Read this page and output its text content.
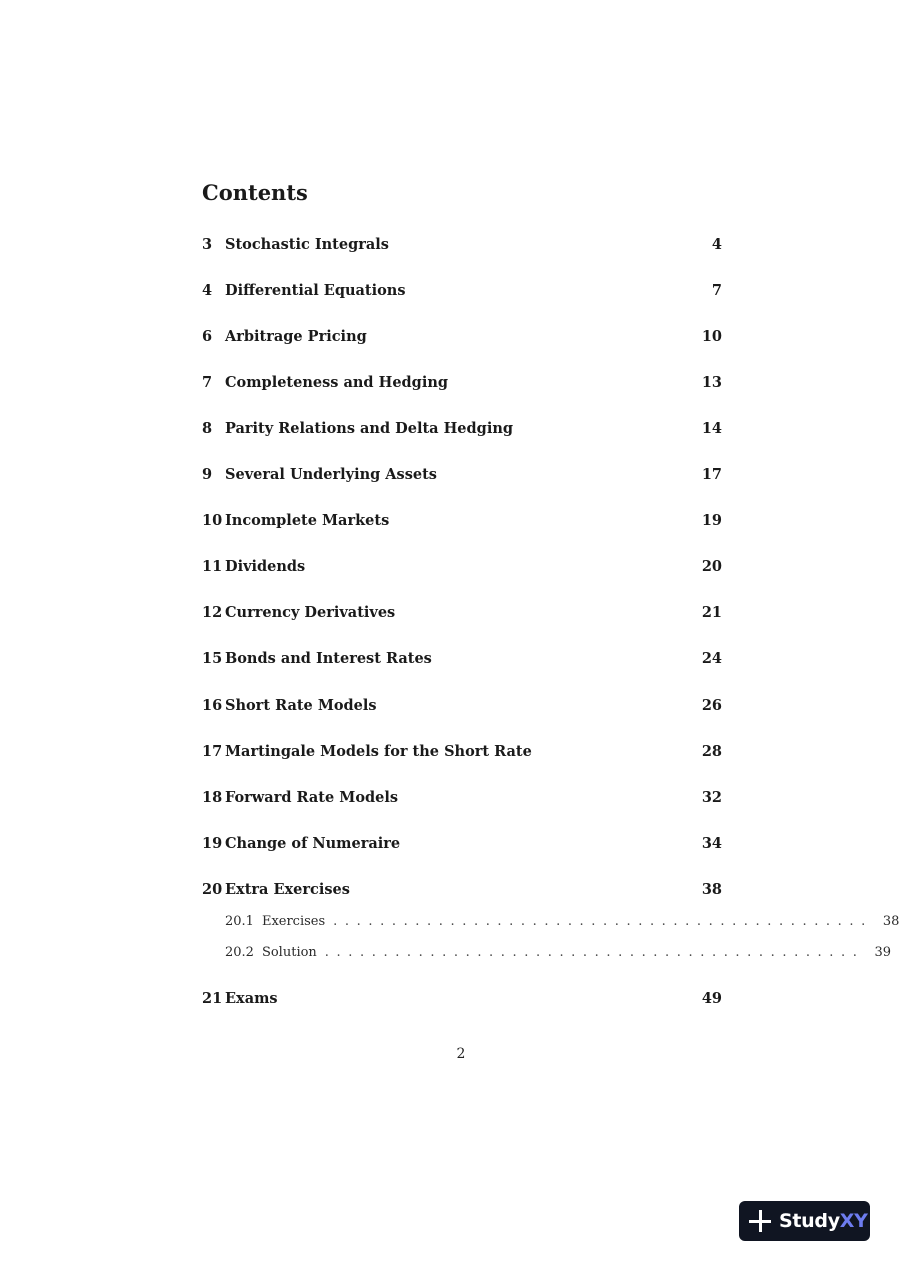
Contents
3 Stochastic Integrals	4
4 Differential Equations	7
6 Arbitrage Pricing	10
7 Completeness and Hedging	13
8 Parity Relations and Delta Hedging	14
9 Several Underlying Assets	17
10 Incomplete Markets	19
11 Dividends	20
12 Currency Derivatives	21
15 Bonds and Interest Rates	24
16 Short Rate Models	26
17 Martingale Models for the Short Rate	28
18 Forward Rate Models	32
19 Change of Numeraire	34
20 Extra Exercises	38
20.1 Exercises .............................................. 38
20.2 Solution .............................................. 39
21 Exams	49
2
StudyXY
